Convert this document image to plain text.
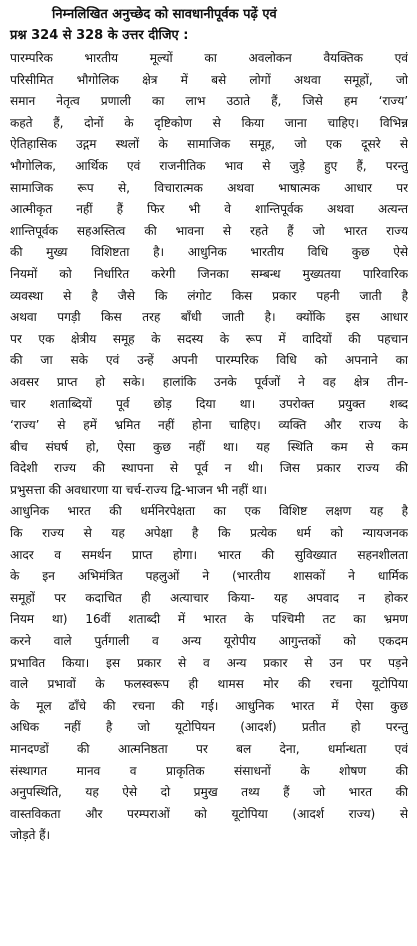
निम्नलिखित अनुच्छेद को सावधानीपूर्वक पढ़ें एवं
प्रश्न 324 से 328 के उत्तर दीजिए :

पारम्परिक भारतीय मूल्यों का अवलोकन वैयक्तिक एवं
परिसीमित भौगोलिक क्षेत्र में बसे लोगों अथवा समूहों, जो
समान नेतृत्व प्रणाली का लाभ उठाते हैं, जिसे हम ‘राज्य’
कहते हैं, दोनों के दृष्टिकोण से किया जाना चाहिए। विभिन्न
ऐतिहासिक उद्गम स्थलों के सामाजिक समूह, जो एक दूसरे से
भौगोलिक, आर्थिक एवं राजनीतिक भाव से जुड़े हुए हैं, परन्तु
सामाजिक रूप से, विचारात्मक अथवा भाषात्मक आधार पर
आत्मीकृत नहीं हैं फिर भी वे शान्तिपूर्वक अथवा अत्यन्त
शान्तिपूर्वक सहअस्तित्व की भावना से रहते हैं जो भारत राज्य
की मुख्य विशिष्टता है। आधुनिक भारतीय विधि कुछ ऐसे
नियमों को निर्धारित करेगी जिनका सम्बन्ध मुख्यतया पारिवारिक
व्यवस्था से है जैसे कि लंगोट किस प्रकार पहनी जाती है
अथवा पगड़ी किस तरह बाँधी जाती है। क्योंकि इस आधार
पर एक क्षेत्रीय समूह के सदस्य के रूप में वादियों की पहचान
की जा सके एवं उन्हें अपनी पारम्परिक विधि को अपनाने का
अवसर प्राप्त हो सके। हालांकि उनके पूर्वजों ने वह क्षेत्र तीन-
चार शताब्दियों पूर्व छोड़ दिया था। उपरोक्त प्रयुक्त शब्द
‘राज्य’ से हमें भ्रमित नहीं होना चाहिए। व्यक्ति और राज्य के
बीच संघर्ष हो, ऐसा कुछ नहीं था। यह स्थिति कम से कम
विदेशी राज्य की स्थापना से पूर्व न थी। जिस प्रकार राज्य की
प्रभुसत्ता की अवधारणा या चर्च-राज्य द्वि-भाजन भी नहीं था।

आधुनिक भारत की धर्मनिरपेक्षता का एक विशिष्ट लक्षण यह है
कि राज्य से यह अपेक्षा है कि प्रत्येक धर्म को न्यायजनक
आदर व समर्थन प्राप्त होगा। भारत की सुविख्यात सहनशीलता
के इन अभिमंत्रित पहलुओं ने (भारतीय शासकों ने धार्मिक
समूहों पर कदाचित ही अत्याचार किया- यह अपवाद न होकर
नियम था) 16वीं शताब्दी में भारत के पश्चिमी तट का भ्रमण
करने वाले पुर्तगाली व अन्य यूरोपीय आगुन्तकों को एकदम
प्रभावित किया। इस प्रकार से व अन्य प्रकार से उन पर पड़ने
वाले प्रभावों के फलस्वरूप ही थामस मोर की रचना यूटोपिया
के मूल ढाँचे की रचना की गई। आधुनिक भारत में ऐसा कुछ
अधिक नहीं है जो यूटोपियन (आदर्श) प्रतीत हो परन्तु
मानदण्डों की आत्मनिष्ठता पर बल देना, धर्मान्धता एवं
संस्थागत मानव व प्राकृतिक संसाधनों के शोषण की
अनुपस्थिति, यह ऐसे दो प्रमुख तथ्य हैं जो भारत की
वास्तविकता और परम्पराओं को यूटोपिया (आदर्श राज्य) से
जोड़ते हैं।
